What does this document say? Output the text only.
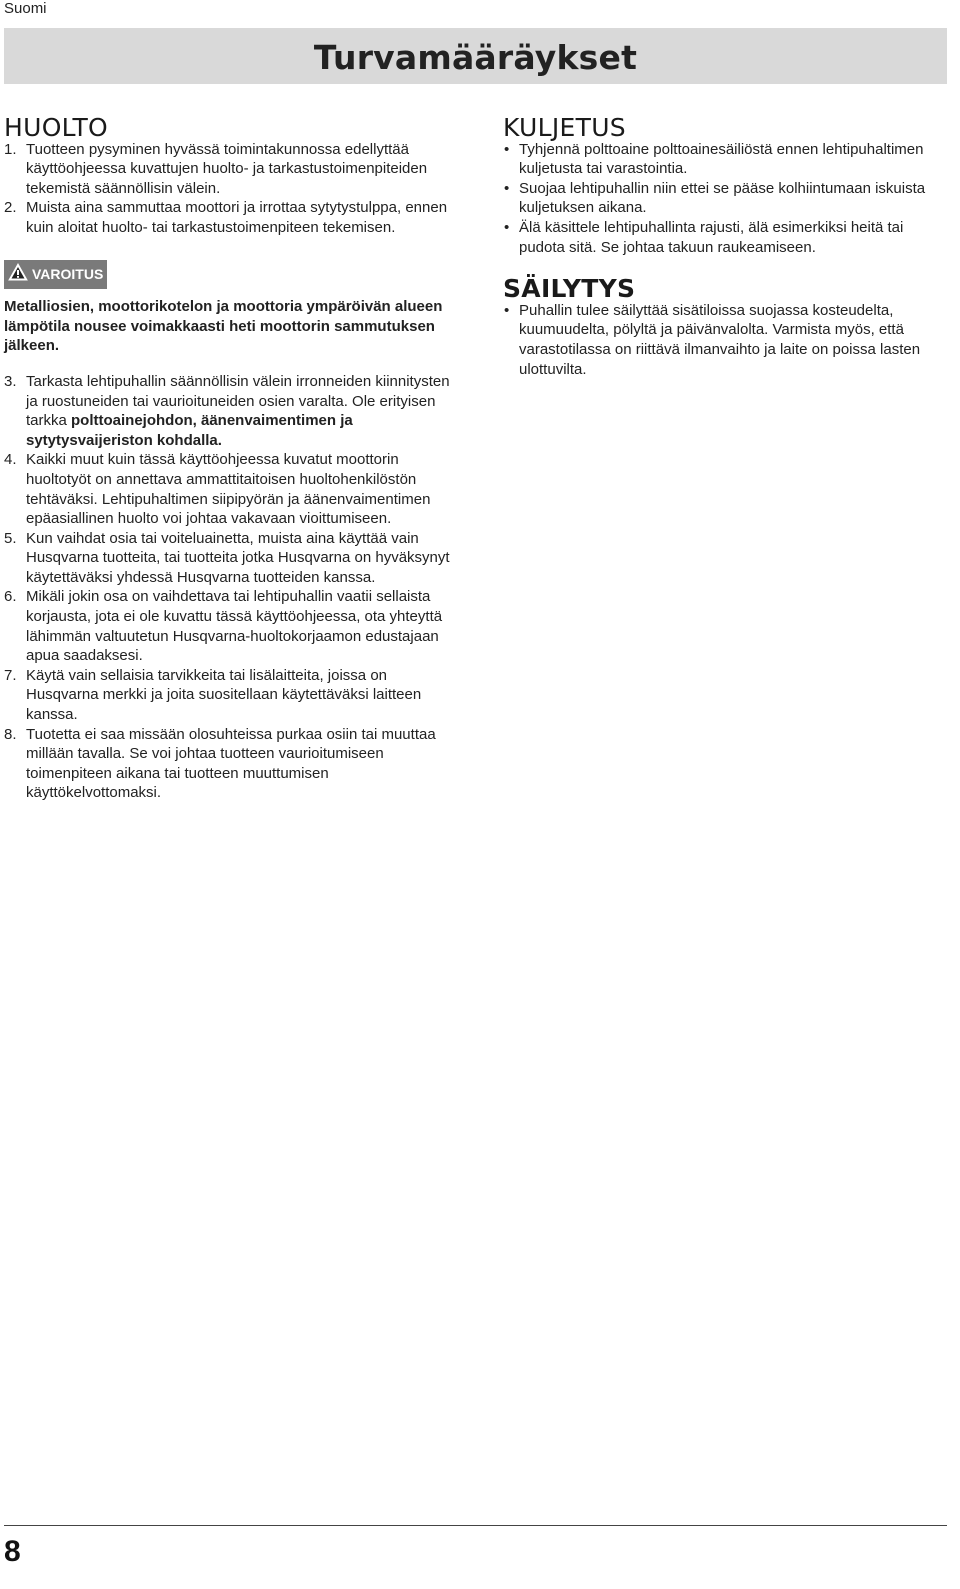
Suomi
Turvamääräykset
HUOLTO
1. Tuotteen pysyminen hyvässä toimintakunnossa edellyttää käyttöohjeessa kuvattujen huolto- ja tarkastustoimenpiteiden tekemistä säännöllisin välein.
2. Muista aina sammuttaa moottori ja irrottaa sytytystulppa, ennen kuin aloitat huolto- tai tarkastustoimenpiteen tekemisen.
VAROITUS
Metalliosien, moottorikotelon ja moottoria ympäröivän alueen lämpötila nousee voimakkaasti heti moottorin sammutuksen jälkeen.
3. Tarkasta lehtipuhallin säännöllisin välein irronneiden kiinnitysten ja ruostuneiden tai vaurioituneiden osien varalta. Ole erityisen tarkka polttoainejohdon, äänenvaimentimen ja sytytysvaijeriston kohdalla.
4. Kaikki muut kuin tässä käyttöohjeessa kuvatut moottorin huoltotyöt on annettava ammattitaitoisen huoltohenkilöstön tehtäväksi. Lehtipuhaltimen siipipyörän ja äänenvaimentimen epäasiallinen huolto voi johtaa vakavaan vioittumiseen.
5. Kun vaihdat osia tai voiteluainetta, muista aina käyttää vain Husqvarna tuotteita, tai tuotteita jotka Husqvarna on hyväksynyt käytettäväksi yhdessä Husqvarna tuotteiden kanssa.
6. Mikäli jokin osa on vaihdettava tai lehtipuhallin vaatii sellaista korjausta, jota ei ole kuvattu tässä käyttöohjeessa, ota yhteyttä lähimmän valtuutetun Husqvarna-huoltokorjaamon edustajaan apua saadaksesi.
7. Käytä vain sellaisia tarvikkeita tai lisälaitteita, joissa on Husqvarna merkki ja joita suositellaan käytettäväksi laitteen kanssa.
8. Tuotetta ei saa missään olosuhteissa purkaa osiin tai muuttaa millään tavalla. Se voi johtaa tuotteen vaurioitumiseen toimenpiteen aikana tai tuotteen muuttumisen käyttökelvottomaksi.
KULJETUS
• Tyhjennä polttoaine polttoainesäiliöstä ennen lehtipuhaltimen kuljetusta tai varastointia.
• Suojaa lehtipuhallin niin ettei se pääse kolhiintumaan iskuista kuljetuksen aikana.
• Älä käsittele lehtipuhallinta rajusti, älä esimerkiksi heitä tai pudota sitä. Se johtaa takuun raukeamiseen.
SÄILYTYS
• Puhallin tulee säilyttää sisätiloissa suojassa kosteudelta, kuumuudelta, pölyltä ja päivänvalolta. Varmista myös, että varastotilassa on riittävä ilmanvaihto ja laite on poissa lasten ulottuvilta.
8
